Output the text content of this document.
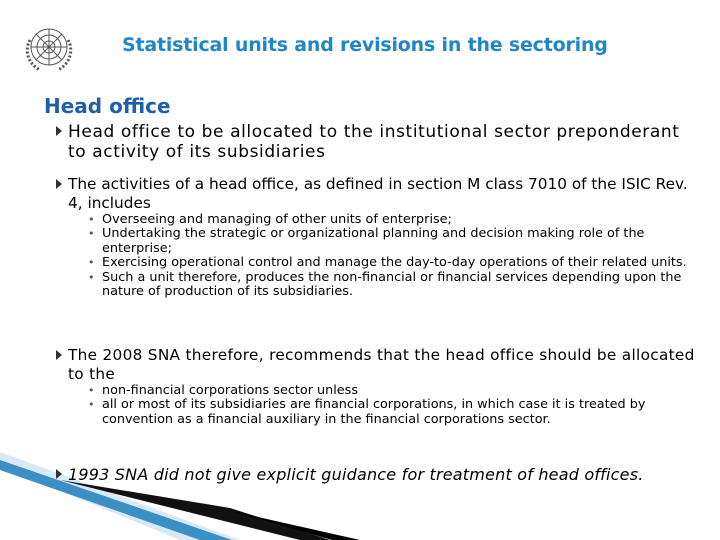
Statistical units and revisions in the sectoring
Head office
Head office to be allocated to the institutional sector preponderant to activity of its subsidiaries
The activities of a head office, as defined in section M class 7010 of the ISIC Rev. 4, includes
• Overseeing and managing of other units of enterprise;
• Undertaking the strategic or organizational planning and decision making role of the enterprise;
• Exercising operational control and manage the day-to-day operations of their related units.
• Such a unit therefore, produces the non-financial or financial services depending upon the nature of production of its subsidiaries.
The 2008 SNA therefore, recommends that the head office should be allocated to the
• non-financial corporations sector unless
• all or most of its subsidiaries are financial corporations, in which case it is treated by convention as a financial auxiliary in the financial corporations sector.
1993 SNA did not give explicit guidance for treatment of head offices.
